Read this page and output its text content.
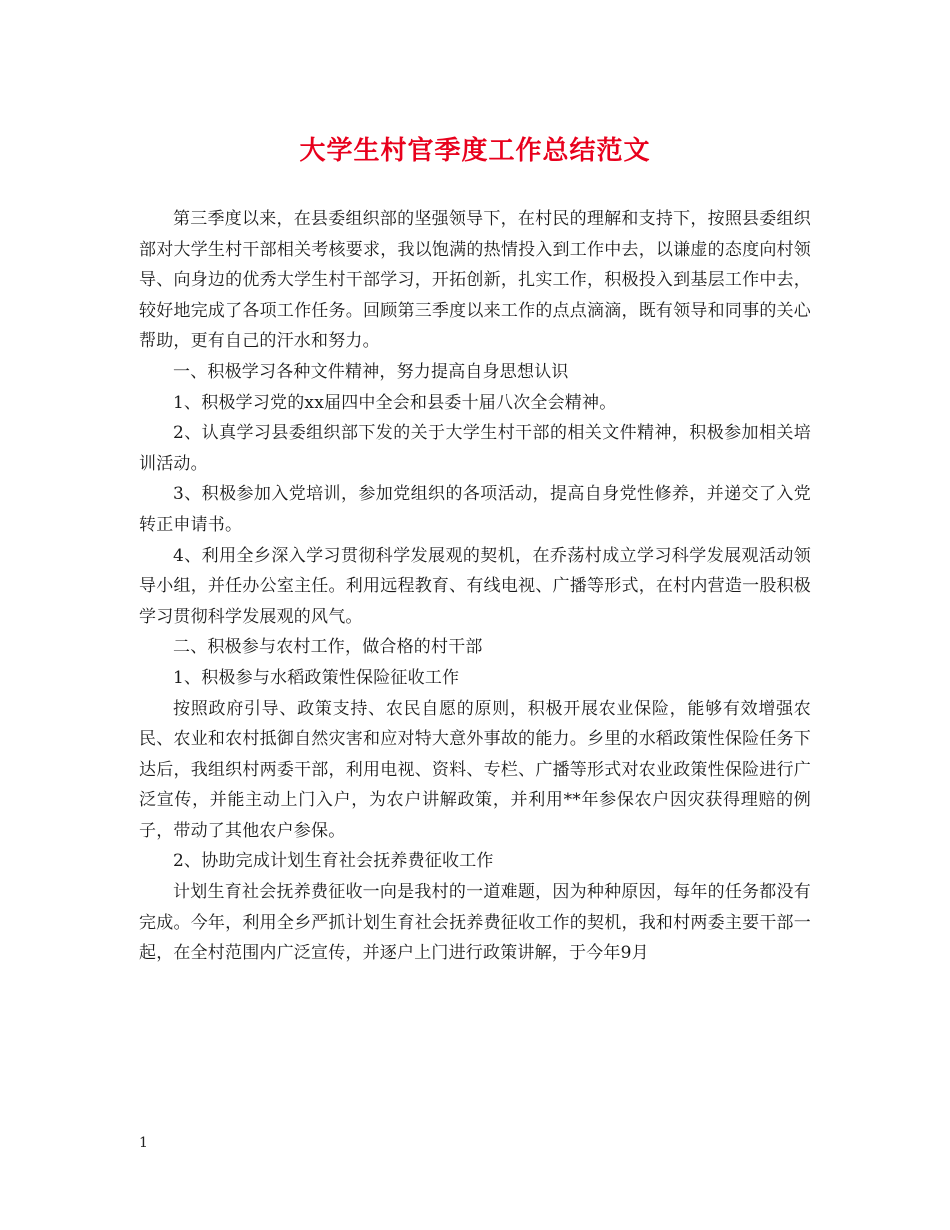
大学生村官季度工作总结范文

第三季度以来，在县委组织部的坚强领导下，在村民的理解和支持下，按照县委组织部对大学生村干部相关考核要求，我以饱满的热情投入到工作中去，以谦虚的态度向村领导、向身边的优秀大学生村干部学习，开拓创新，扎实工作，积极投入到基层工作中去，较好地完成了各项工作任务。回顾第三季度以来工作的点点滴滴，既有领导和同事的关心帮助，更有自己的汗水和努力。

一、积极学习各种文件精神，努力提高自身思想认识

1、积极学习党的xx届四中全会和县委十届八次全会精神。

2、认真学习县委组织部下发的关于大学生村干部的相关文件精神，积极参加相关培训活动。

3、积极参加入党培训，参加党组织的各项活动，提高自身党性修养，并递交了入党转正申请书。

4、利用全乡深入学习贯彻科学发展观的契机，在乔荡村成立学习科学发展观活动领导小组，并任办公室主任。利用远程教育、有线电视、广播等形式，在村内营造一股积极学习贯彻科学发展观的风气。

二、积极参与农村工作，做合格的村干部

1、积极参与水稻政策性保险征收工作

按照政府引导、政策支持、农民自愿的原则，积极开展农业保险，能够有效增强农民、农业和农村抵御自然灾害和应对特大意外事故的能力。乡里的水稻政策性保险任务下达后，我组织村两委干部，利用电视、资料、专栏、广播等形式对农业政策性保险进行广泛宣传，并能主动上门入户，为农户讲解政策，并利用**年参保农户因灾获得理赔的例子，带动了其他农户参保。

2、协助完成计划生育社会抚养费征收工作

计划生育社会抚养费征收一向是我村的一道难题，因为种种原因，每年的任务都没有完成。今年，利用全乡严抓计划生育社会抚养费征收工作的契机，我和村两委主要干部一起，在全村范围内广泛宣传，并逐户上门进行政策讲解，于今年9月

1
